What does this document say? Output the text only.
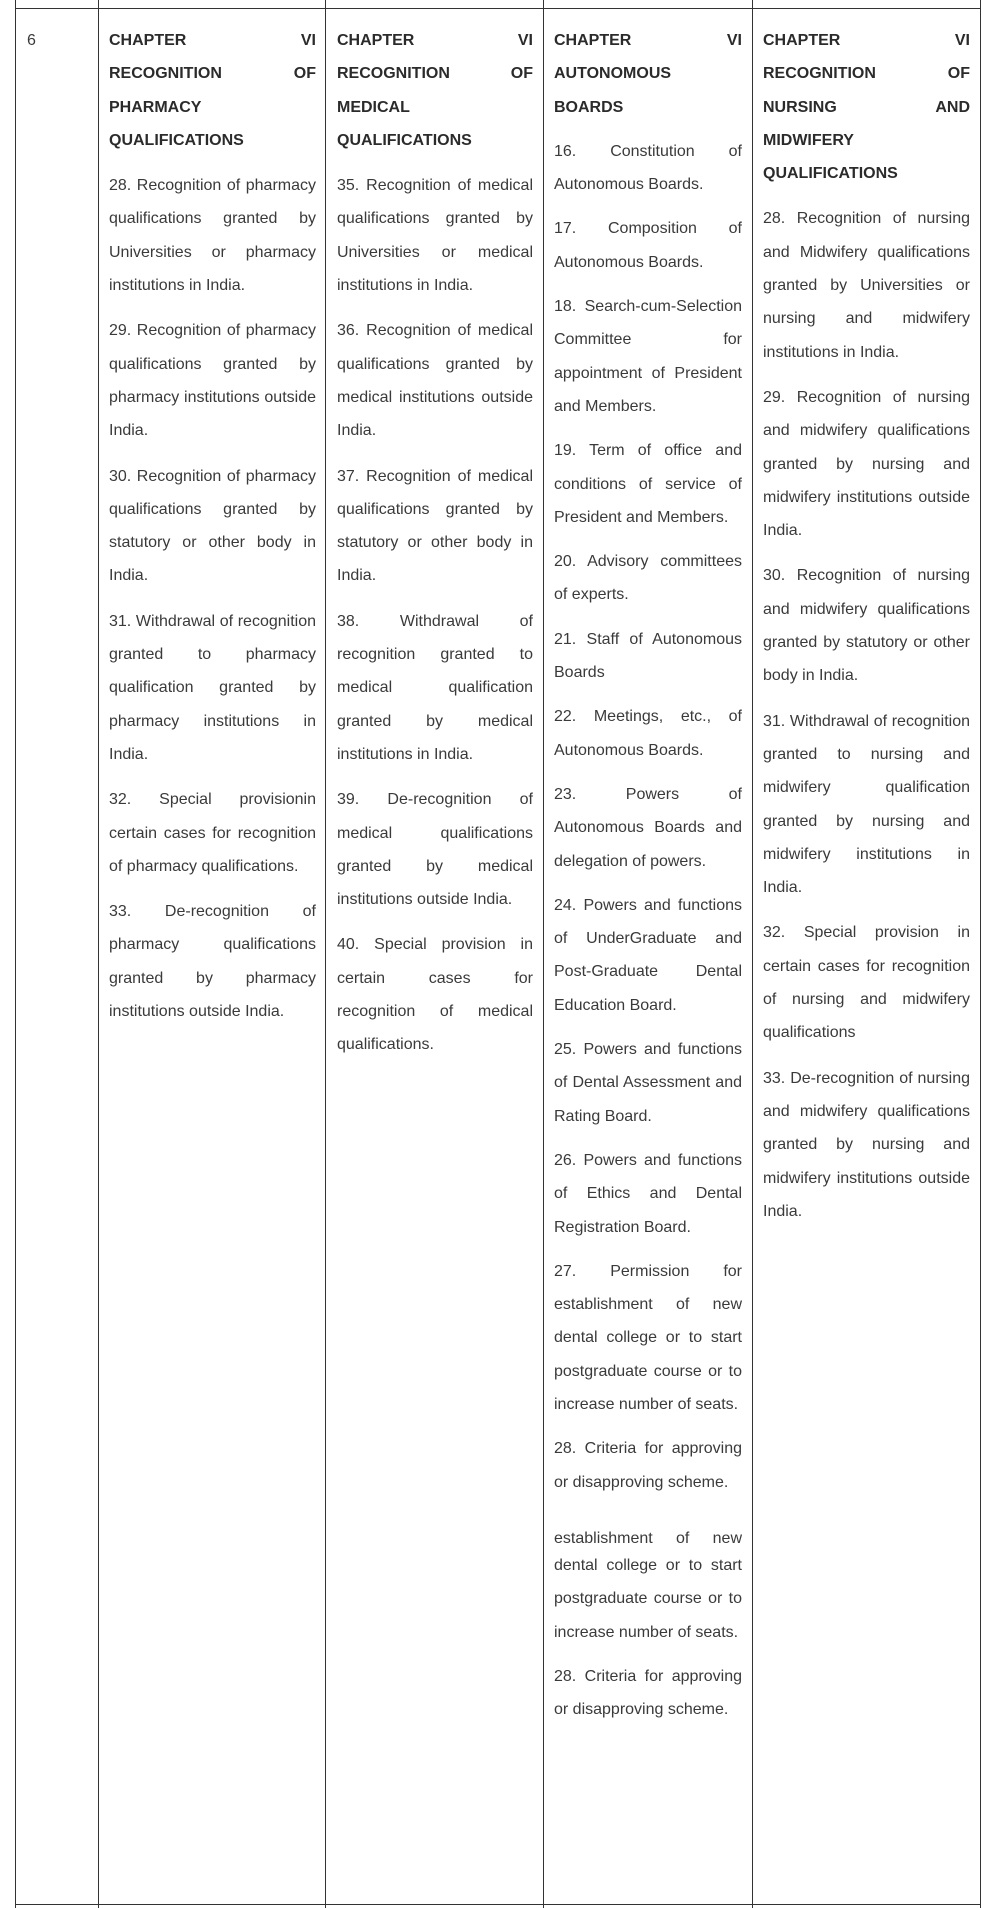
6	CHAPTER VI RECOGNITION OF PHARMACY QUALIFICATIONS

28. Recognition of pharmacy qualifications granted by Universities or pharmacy institutions in India.

29. Recognition of pharmacy qualifications granted by pharmacy institutions outside India.

30. Recognition of pharmacy qualifications granted by statutory or other body in India.

31. Withdrawal of recognition granted to pharmacy qualification granted by pharmacy institutions in India.

32. Special provisionin certain cases for recognition of pharmacy qualifications.

33. De-recognition of pharmacy qualifications granted by pharmacy institutions outside India.

CHAPTER VI RECOGNITION OF MEDICAL QUALIFICATIONS

35. Recognition of medical qualifications granted by Universities or medical institutions in India.

36. Recognition of medical qualifications granted by medical institutions outside India.

37. Recognition of medical qualifications granted by statutory or other body in India.

38. Withdrawal of recognition granted to medical qualification granted by medical institutions in India.

39. De-recognition of medical qualifications granted by medical institutions outside India.

40. Special provision in certain cases for recognition of medical qualifications.

CHAPTER VI AUTONOMOUS BOARDS

16. Constitution of Autonomous Boards.

17. Composition of Autonomous Boards.

18. Search-cum-Selection Committee for appointment of President and Members.

19. Term of office and conditions of service of President and Members.

20. Advisory committees of experts.

21. Staff of Autonomous Boards

22. Meetings, etc., of Autonomous Boards.

23. Powers of Autonomous Boards and delegation of powers.

24. Powers and functions of UnderGraduate and Post-Graduate Dental Education Board.

25. Powers and functions of Dental Assessment and Rating Board.

26. Powers and functions of Ethics and Dental Registration Board.

27. Permission for establishment of new dental college or to start postgraduate course or to increase number of seats.

28. Criteria for approving or disapproving scheme.

establishment of new

dental college or to start postgraduate course or to increase number of seats.

28. Criteria for approving or disapproving scheme.

CHAPTER VI RECOGNITION OF NURSING AND MIDWIFERY QUALIFICATIONS

28. Recognition of nursing and Midwifery qualifications granted by Universities or nursing and midwifery institutions in India.

29. Recognition of nursing and midwifery qualifications granted by nursing and midwifery institutions outside India.

30. Recognition of nursing and midwifery qualifications granted by statutory or other body in India.

31. Withdrawal of recognition granted to nursing and midwifery qualification granted by nursing and midwifery institutions in India.

32. Special provision in certain cases for recognition of nursing and midwifery qualifications

33. De-recognition of nursing and midwifery qualifications granted by nursing and midwifery institutions outside India.
